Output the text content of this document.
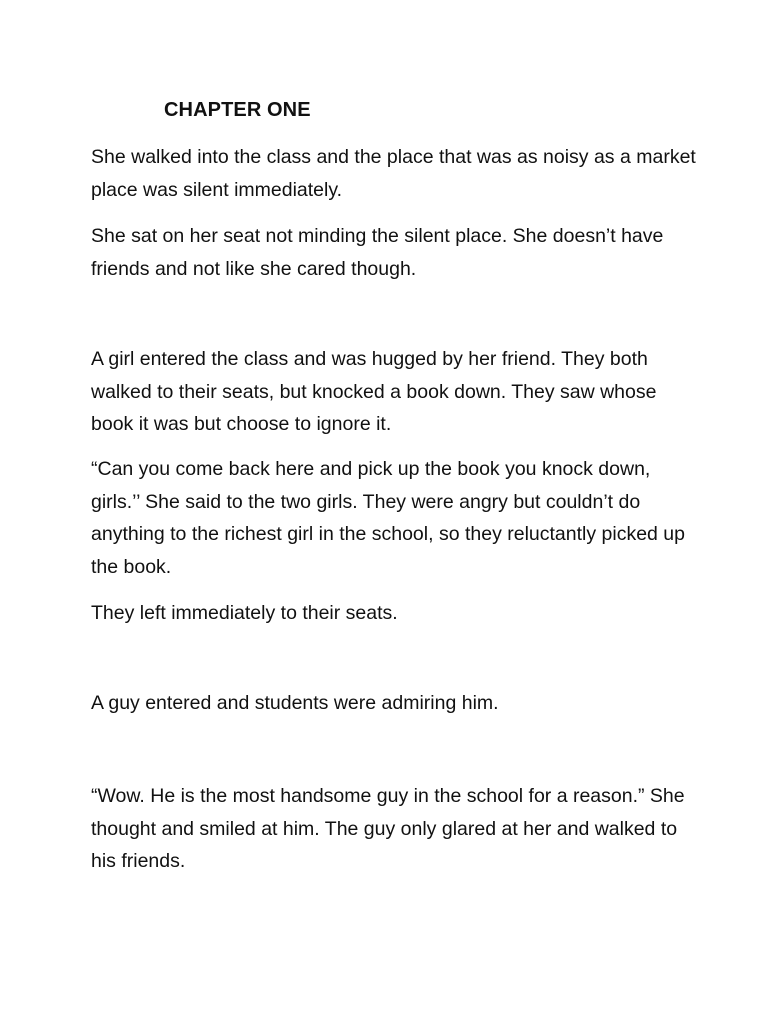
CHAPTER ONE

She walked into the class and the place that was as noisy as a market place was silent immediately.

She sat on her seat not minding the silent place. She doesn’t have friends and not like she cared though.

A girl entered the class and was hugged by her friend. They both walked to their seats, but knocked a book down. They saw whose book it was but choose to ignore it.

“Can you come back here and pick up the book you knock down, girls.’’ She said to the two girls. They were angry but couldn’t do anything to the richest girl in the school, so they reluctantly picked up the book.

They left immediately to their seats.

A guy entered and students were admiring him.

“Wow. He is the most handsome guy in the school for a reason.” She thought and smiled at him. The guy only glared at her and walked to his friends.
